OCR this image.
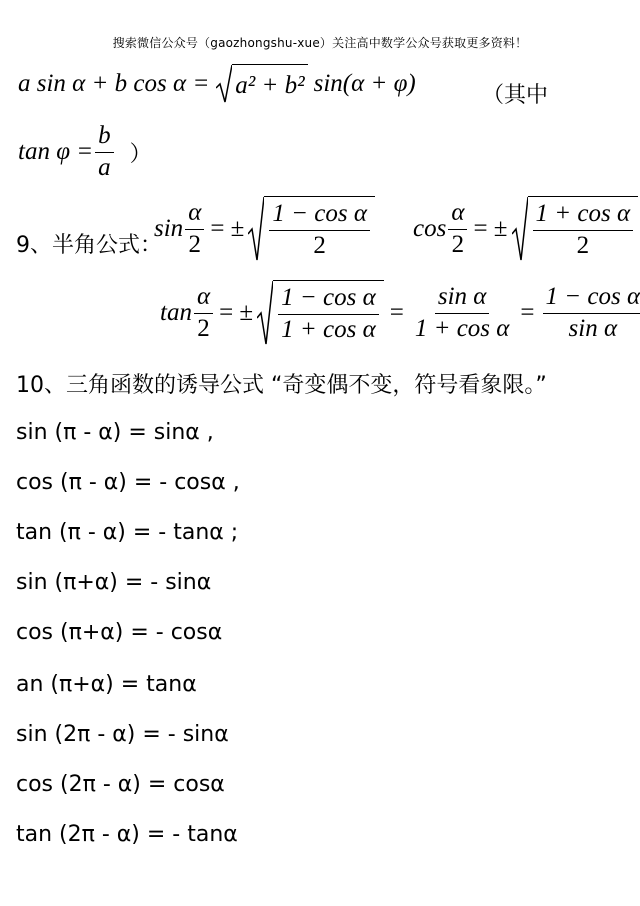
搜索微信公众号（gaozhongshu-xue）关注高中数学公众号获取更多资料！
a sin α + b cos α = a² + b² sin(α + φ)	（其中
$\tan \varphi = \frac{b}{a}$ ）
9、半角公式：
$\sin \frac{\alpha}{2}$ = ± $\frac{\text{1 − cos α}}{2}$ $\cos \frac{\alpha}{2}$ = ± $\frac{\text{1 + cos α}}{2}$
$\tan \frac{\alpha}{2}$ = ± $\frac{\text{1 − cos α}}{\text{1 + cos α}} = \frac{\text{sin α}}{\text{1 + cos α}} = \frac{\text{1 − cos α}}{\text{sin α}}$
10、三角函数的诱导公式 “奇变偶不变，符号看象限。”
sin (π - α) = sinα ,
cos (π - α) = - cosα ,
tan (π - α) = - tanα ;
sin (π+α) = - sinα
cos (π+α) = - cosα
an (π+α) = tanα
sin (2π - α) = - sinα
cos (2π - α) = cosα
tan (2π - α) = - tanα
